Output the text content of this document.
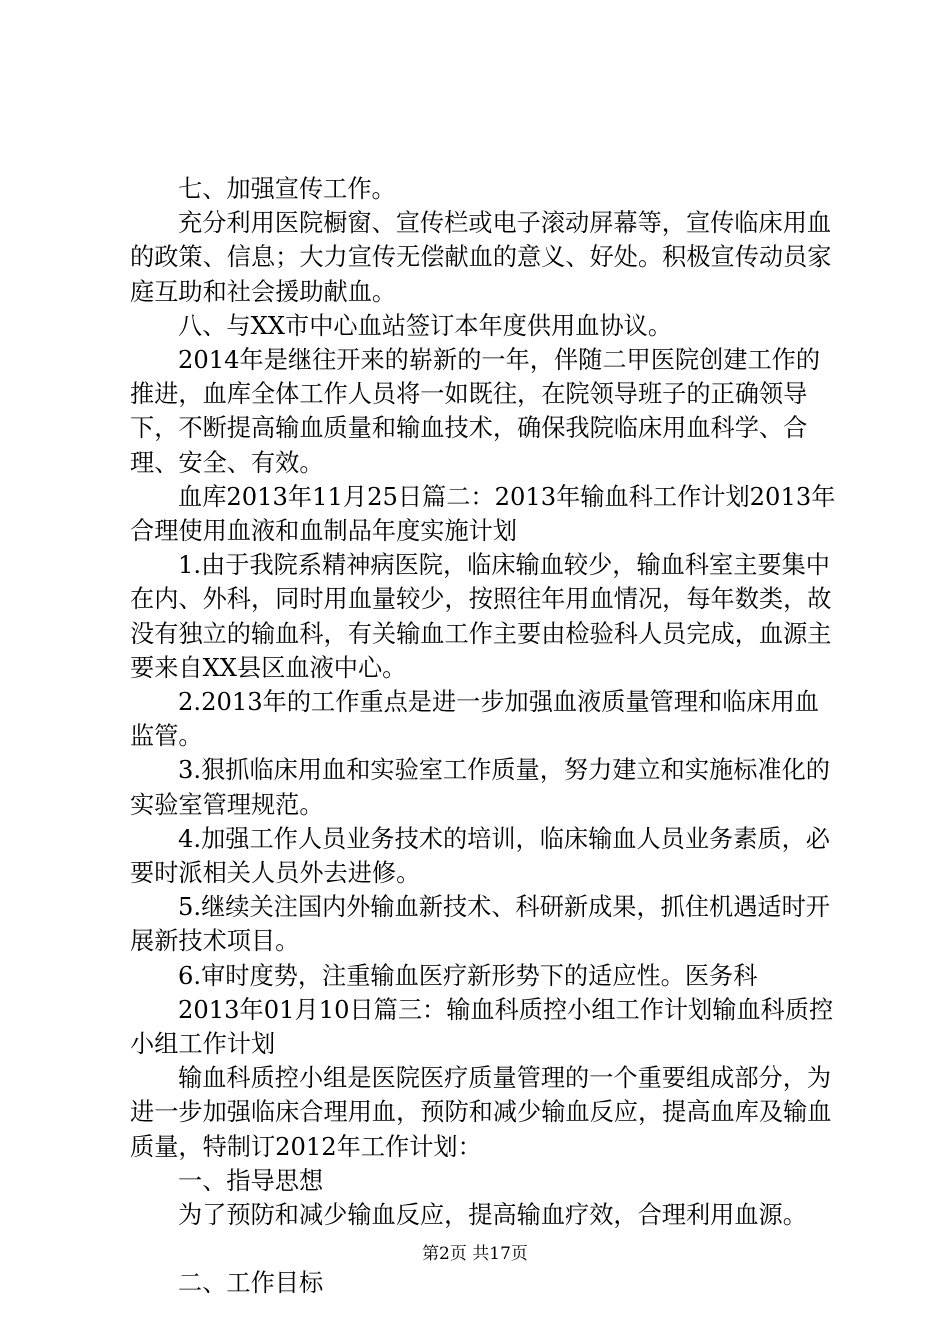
七、加强宣传工作。

充分利用医院橱窗、宣传栏或电子滚动屏幕等，宣传临床用血的政策、信息；大力宣传无偿献血的意义、好处。积极宣传动员家庭互助和社会援助献血。

八、与XX市中心血站签订本年度供用血协议。

2014年是继往开来的崭新的一年，伴随二甲医院创建工作的推进，血库全体工作人员将一如既往，在院领导班子的正确领导下，不断提高输血质量和输血技术，确保我院临床用血科学、合理、安全、有效。

血库2013年11月25日篇二：2013年输血科工作计划2013年合理使用血液和血制品年度实施计划

1.由于我院系精神病医院，临床输血较少，输血科室主要集中在内、外科，同时用血量较少，按照往年用血情况，每年数类，故没有独立的输血科，有关输血工作主要由检验科人员完成，血源主要来自XX县区血液中心。

2.2013年的工作重点是进一步加强血液质量管理和临床用血监管。

3.狠抓临床用血和实验室工作质量，努力建立和实施标准化的实验室管理规范。

4.加强工作人员业务技术的培训，临床输血人员业务素质，必要时派相关人员外去进修。

5.继续关注国内外输血新技术、科研新成果，抓住机遇适时开展新技术项目。

6.审时度势，注重输血医疗新形势下的适应性。医务科

2013年01月10日篇三：输血科质控小组工作计划输血科质控小组工作计划

输血科质控小组是医院医疗质量管理的一个重要组成部分，为进一步加强临床合理用血，预防和减少输血反应，提高血库及输血质量，特制订2012年工作计划：

一、指导思想

为了预防和减少输血反应，提高输血疗效，合理利用血源。

二、工作目标

第2页 共17页
